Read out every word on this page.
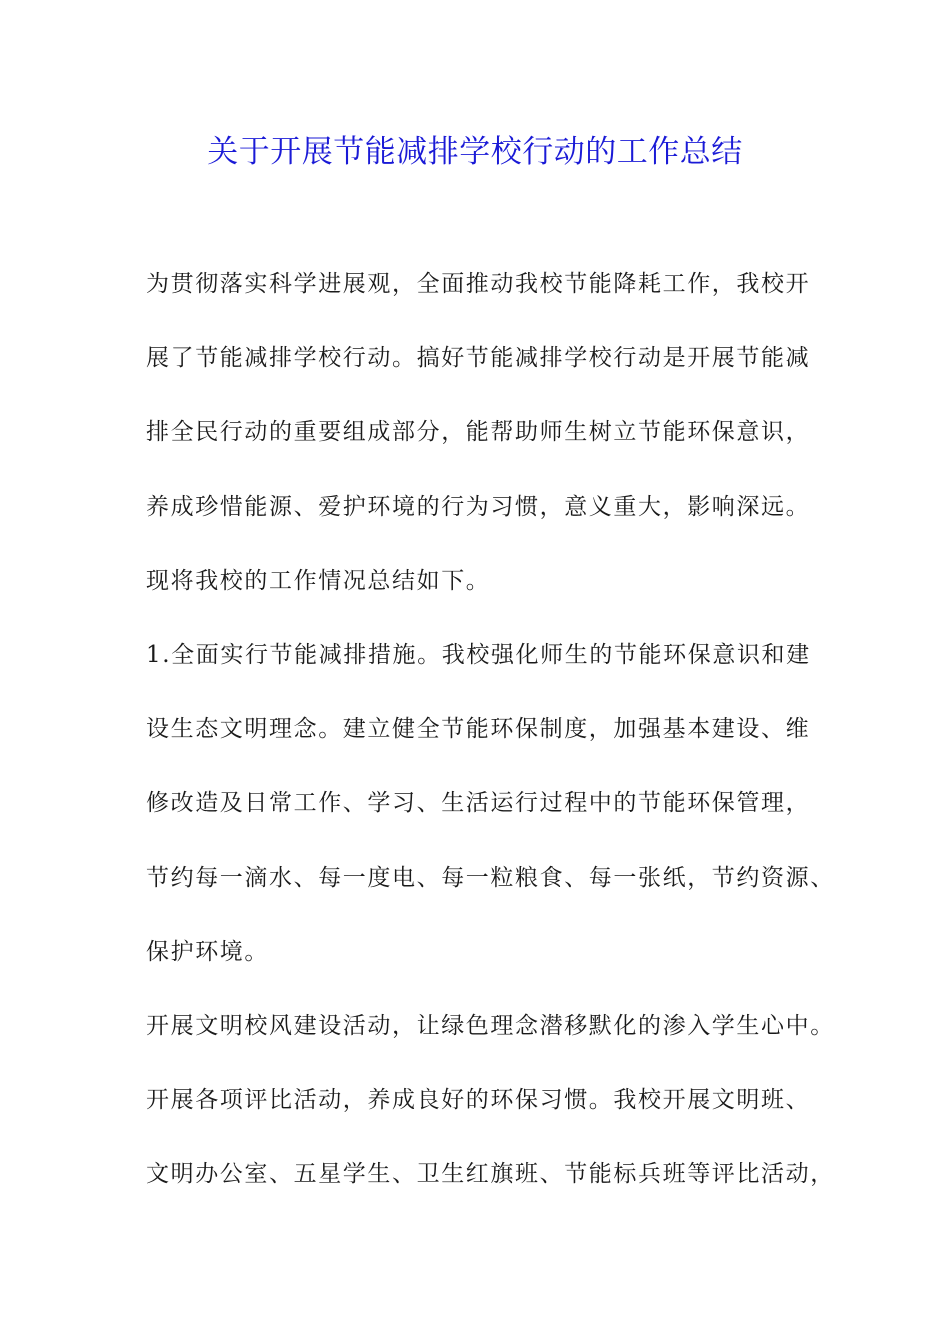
关于开展节能减排学校行动的工作总结
为贯彻落实科学进展观，全面推动我校节能降耗工作，我校开
展了节能减排学校行动。搞好节能减排学校行动是开展节能减
排全民行动的重要组成部分，能帮助师生树立节能环保意识，
养成珍惜能源、爱护环境的行为习惯，意义重大，影响深远。
现将我校的工作情况总结如下。
1.全面实行节能减排措施。我校强化师生的节能环保意识和建
设生态文明理念。建立健全节能环保制度，加强基本建设、维
修改造及日常工作、学习、生活运行过程中的节能环保管理，
节约每一滴水、每一度电、每一粒粮食、每一张纸，节约资源、
保护环境。
开展文明校风建设活动，让绿色理念潜移默化的渗入学生心中。
开展各项评比活动，养成良好的环保习惯。我校开展文明班、
文明办公室、五星学生、卫生红旗班、节能标兵班等评比活动，
